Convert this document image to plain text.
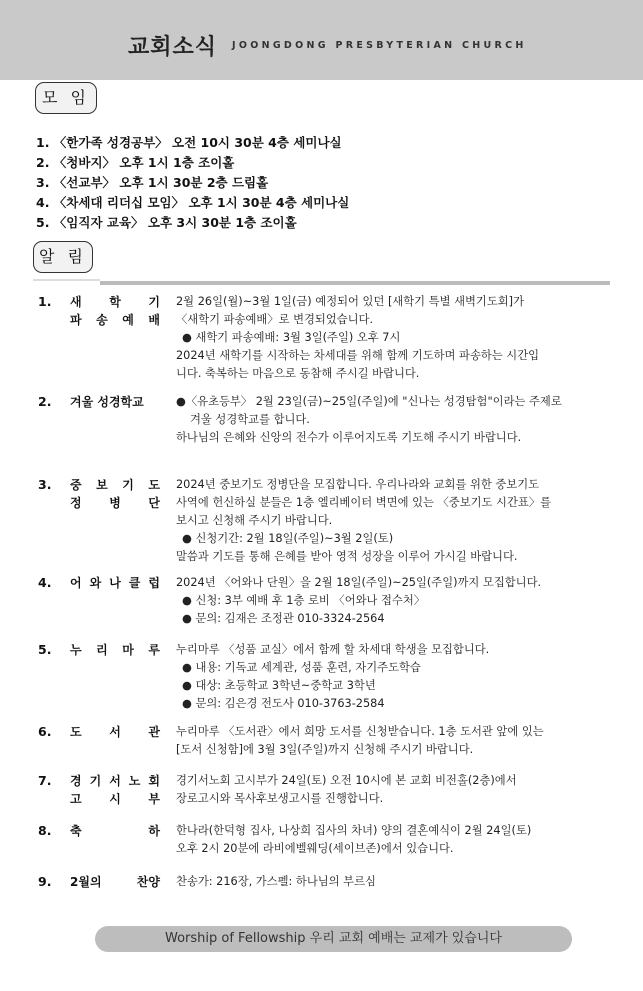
교회소식 JOONGDONG PRESBYTERIAN CHURCH
모 임
1. 〈한가족 성경공부〉 오전 10시 30분 4층 세미나실
2. 〈청바지〉 오후 1시 1층 조이홀
3. 〈선교부〉 오후 1시 30분 2층 드림홀
4. 〈차세대 리더십 모임〉 오후 1시 30분 4층 세미나실
5. 〈임직자 교육〉 오후 3시 30분 1층 조이홀
알 림
1. 새 학 기
파 송 예 배

2월 26일(월)~3월 1일(금) 예정되어 있던 [새학기 특별 새벽기도회]가

〈새학기 파송예배〉로 변경되었습니다.

● 새학기 파송예배: 3월 3일(주일) 오후 7시

2024년 새학기를 시작하는 차세대를 위해 함께 기도하며 파송하는 시간입

니다. 축복하는 마음으로 동참해 주시길 바랍니다.

2. 겨울 성경학교	●〈유초등부〉 2월 23일(금)~25일(주일)에 "신나는 성경탐험"이라는 주제로

겨울 성경학교를 합니다.

하나님의 은혜와 신앙의 전수가 이루어지도록 기도해 주시기 바랍니다.

3. 중 보 기 도
정 병 단

2024년 중보기도 정병단을 모집합니다. 우리나라와 교회를 위한 중보기도

사역에 헌신하실 분들은 1층 엘리베이터 벽면에 있는 〈중보기도 시간표〉를

보시고 신청해 주시기 바랍니다.

● 신청기간: 2월 18일(주일)~3월 2일(토)

말씀과 기도를 통해 은혜를 받아 영적 성장을 이루어 가시길 바랍니다.

4. 어 와 나 클 럽 2024년 〈어와나 단원〉을 2월 18일(주일)~25일(주일)까지 모집합니다.

● 신청: 3부 예배 후 1층 로비 〈어와나 접수처〉

● 문의: 김재은 조정관 010-3324-2564

5. 누 리 마 루 누리마루 〈성품 교실〉에서 함께 할 차세대 학생을 모집합니다.

● 내용: 기독교 세계관, 성품 훈련, 자기주도학습

● 대상: 초등학교 3학년~중학교 3학년

● 문의: 김은경 전도사 010-3763-2584

6. 도 서 관 누리마루 〈도서관〉에서 희망 도서를 신청받습니다. 1층 도서관 앞에 있는

[도서 신청함]에 3월 3일(주일)까지 신청해 주시기 바랍니다.

7. 경 기 서 노 회
고 시 부

경기서노회 고시부가 24일(토) 오전 10시에 본 교회 비전홀(2층)에서

장로고시와 목사후보생고시를 진행합니다.

8. 축 하 한나라(한덕형 집사, 나상희 집사의 차녀) 양의 결혼예식이 2월 24일(토)

오후 2시 20분에 라비에벨웨딩(세이브존)에서 있습니다.

9. 2월의 찬양 찬송가: 216장, 가스펠: 하나님의 부르심

Worship of Fellowship 우리 교회 예배는 교제가 있습니다
